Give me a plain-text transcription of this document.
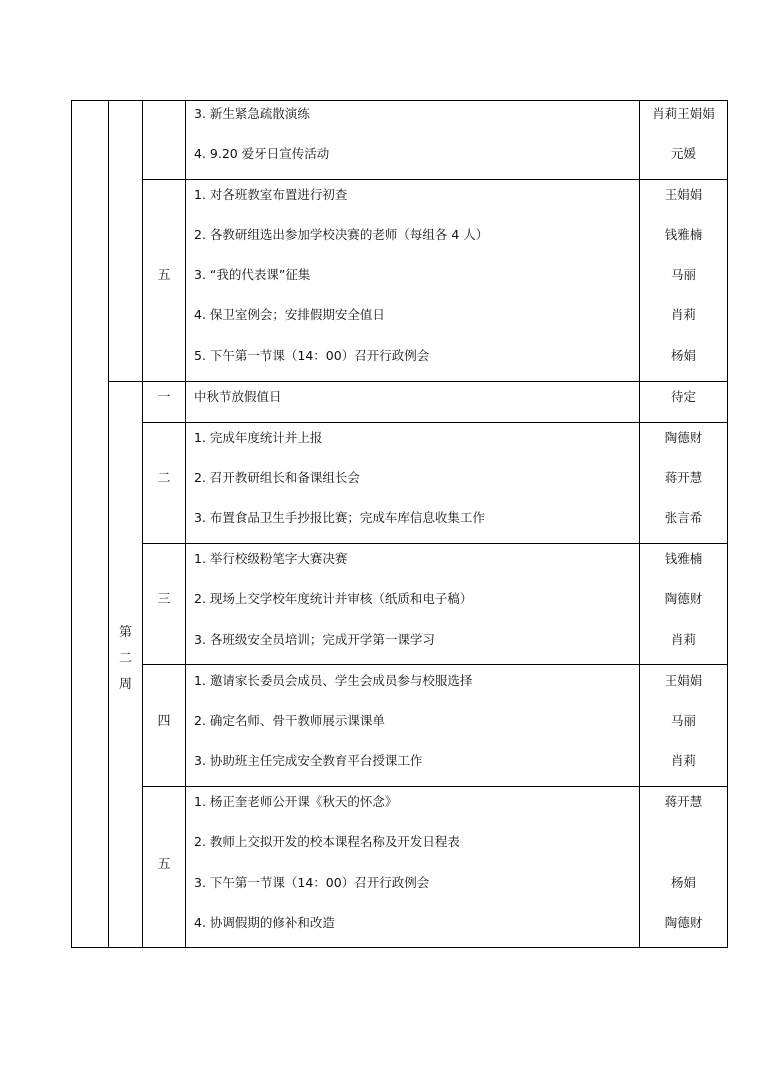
第
二
周
五
一
二
三
四
五
3. 新生紧急疏散演练
4. 9.20 爱牙日宣传活动
1. 对各班教室布置进行初查
2. 各教研组选出参加学校决赛的老师（每组各 4 人）
3. “我的代表课”征集
4. 保卫室例会；安排假期安全值日
5. 下午第一节课（14：00）召开行政例会
中秋节放假值日
1. 完成年度统计并上报
2. 召开教研组长和备课组长会
3. 布置食品卫生手抄报比赛；完成车库信息收集工作
1. 举行校级粉笔字大赛决赛
2. 现场上交学校年度统计并审核（纸质和电子稿）
3. 各班级安全员培训；完成开学第一课学习
1. 邀请家长委员会成员、学生会成员参与校服选择
2. 确定名师、骨干教师展示课课单
3. 协助班主任完成安全教育平台授课工作
1. 杨正奎老师公开课《秋天的怀念》
2. 教师上交拟开发的校本课程名称及开发日程表
3. 下午第一节课（14：00）召开行政例会
4. 协调假期的修补和改造
肖莉王娟娟
元媛
王娟娟
钱雅楠
马丽
肖莉
杨娟
待定
陶德财
蒋开慧
张言希
钱雅楠
陶德财
肖莉
王娟娟
马丽
肖莉
蒋开慧
杨娟
陶德财
